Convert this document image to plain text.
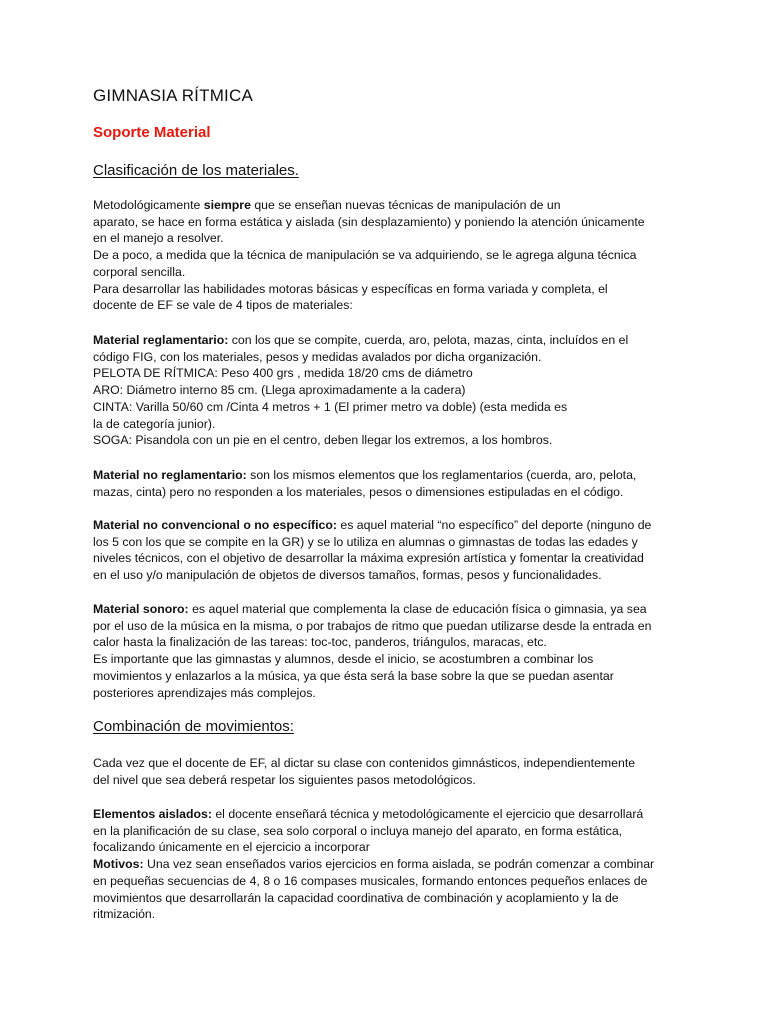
GIMNASIA RÍTMICA
Soporte Material
Clasificación de los materiales.
Metodológicamente siempre que se enseñan nuevas técnicas de manipulación de un
aparato, se hace en forma estática y aislada (sin desplazamiento) y poniendo la atención únicamente
en el manejo a resolver.
De a poco, a medida que la técnica de manipulación se va adquiriendo, se le agrega alguna técnica
corporal sencilla.
Para desarrollar las habilidades motoras básicas y específicas en forma variada y completa, el
docente de EF se vale de 4 tipos de materiales:
Material reglamentario: con los que se compite, cuerda, aro, pelota, mazas, cinta, incluídos en el
código FIG, con los materiales, pesos y medidas avalados por dicha organización.
PELOTA DE RÍTMICA: Peso 400 grs , medida 18/20 cms de diámetro
ARO: Diámetro interno 85 cm. (Llega aproximadamente a la cadera)
CINTA: Varilla 50/60 cm /Cinta 4 metros + 1 (El primer metro va doble) (esta medida es
la de categoría junior).
SOGA: Pisandola con un pie en el centro, deben llegar los extremos, a los hombros.
Material no reglamentario: son los mismos elementos que los reglamentarios (cuerda, aro, pelota,
mazas, cinta) pero no responden a los materiales, pesos o dimensiones estipuladas en el código.
Material no convencional o no específico: es aquel material “no específico” del deporte (ninguno de
los 5 con los que se compite en la GR) y se lo utiliza en alumnas o gimnastas de todas las edades y
niveles técnicos, con el objetivo de desarrollar la máxima expresión artística y fomentar la creatividad
en el uso y/o manipulación de objetos de diversos tamaños, formas, pesos y funcionalidades.
Material sonoro: es aquel material que complementa la clase de educación física o gimnasia, ya sea
por el uso de la música en la misma, o por trabajos de ritmo que puedan utilizarse desde la entrada en
calor hasta la finalización de las tareas: toc-toc, panderos, triángulos, maracas, etc.
Es importante que las gimnastas y alumnos, desde el inicio, se acostumbren a combinar los
movimientos y enlazarlos a la música, ya que ésta será la base sobre la que se puedan asentar
posteriores aprendizajes más complejos.
Combinación de movimientos:
Cada vez que el docente de EF, al dictar su clase con contenidos gimnásticos, independientemente
del nivel que sea deberá respetar los siguientes pasos metodológicos.
Elementos aislados: el docente enseñará técnica y metodológicamente el ejercicio que desarrollará
en la planificación de su clase, sea solo corporal o incluya manejo del aparato, en forma estática,
focalizando únicamente en el ejercicio a incorporar
Motivos: Una vez sean enseñados varios ejercicios en forma aislada, se podrán comenzar a combinar
en pequeñas secuencias de 4, 8 o 16 compases musicales, formando entonces pequeños enlaces de
movimientos que desarrollarán la capacidad coordinativa de combinación y acoplamiento y la de
ritmización.
